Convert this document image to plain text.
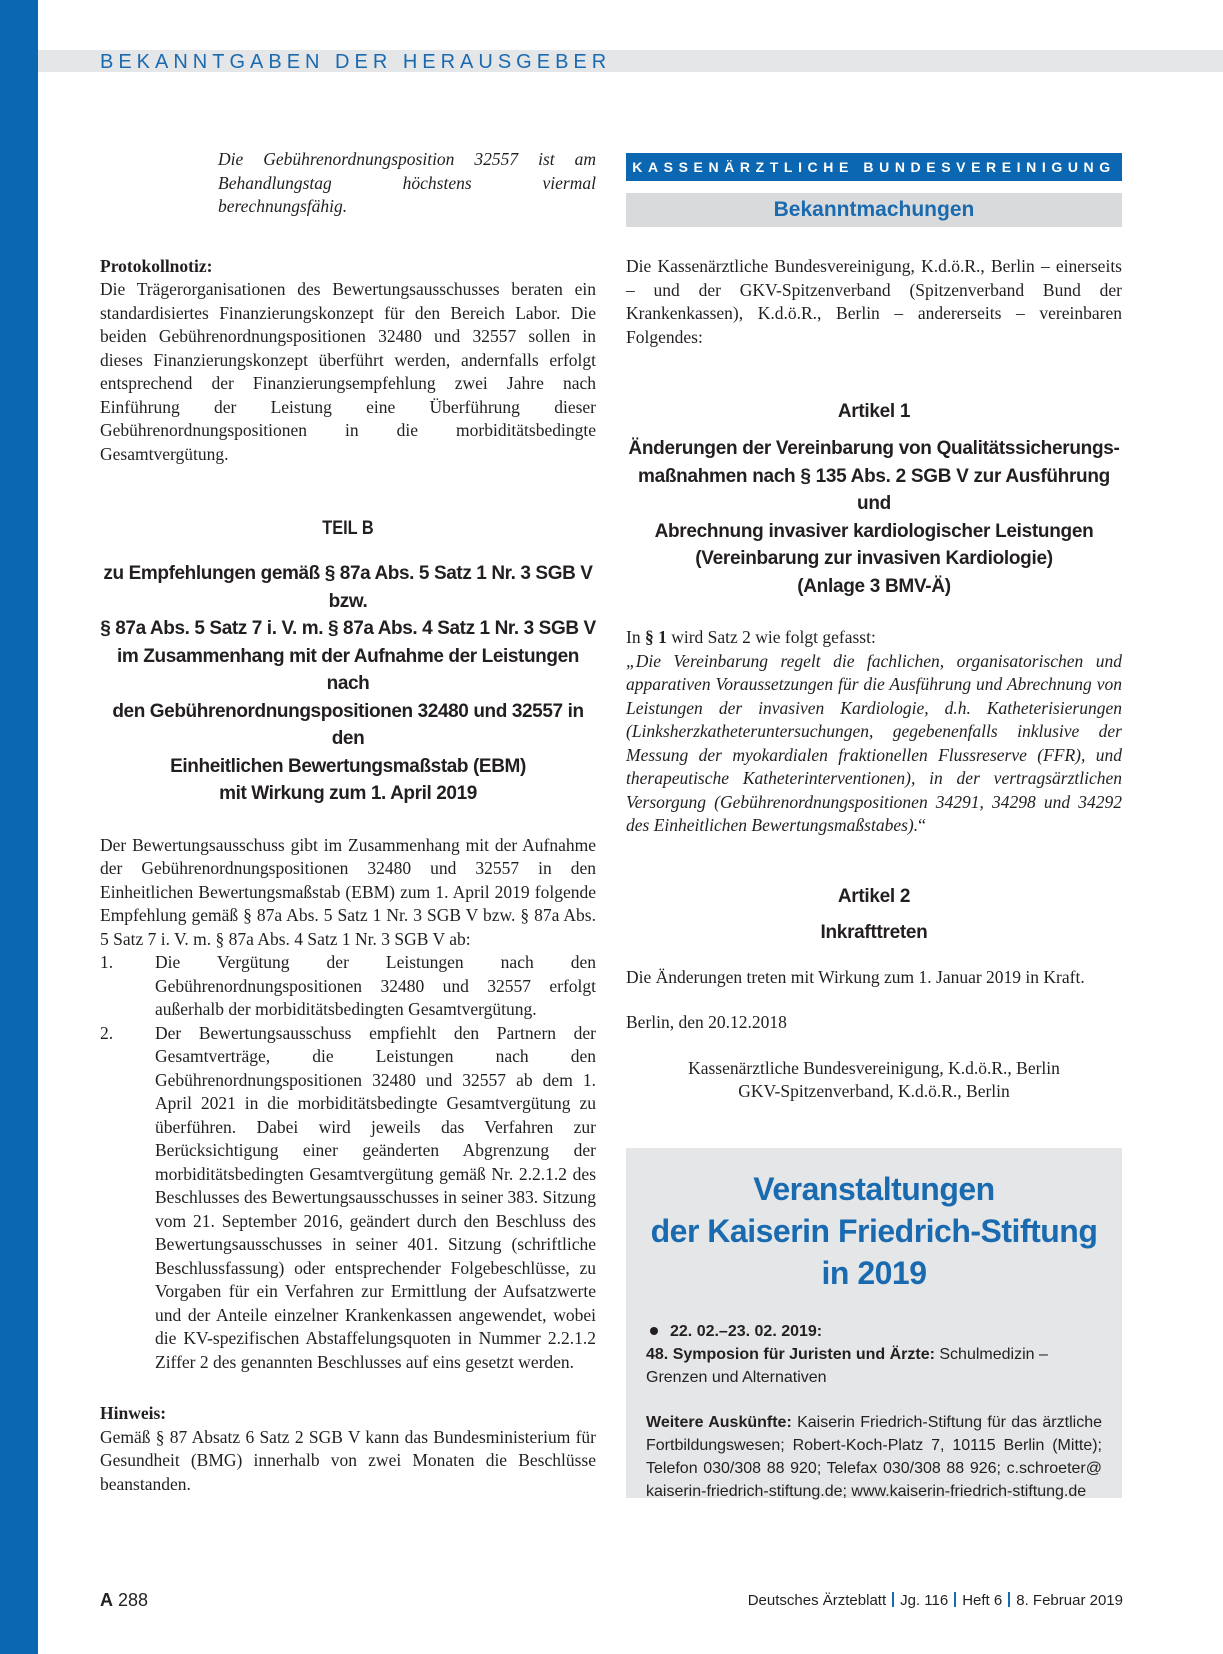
BEKANNTGABEN DER HERAUSGEBER

Die Gebührenordnungsposition 32557 ist am Behandlungstag höchstens viermal berechnungsfähig.

Protokollnotiz:

Die Trägerorganisationen des Bewertungsausschusses beraten ein standardisiertes Finanzierungskonzept für den Bereich Labor. Die beiden Gebührenordnungspositionen 32480 und 32557 sollen in dieses Finanzierungskonzept überführt werden, andernfalls erfolgt entsprechend der Finanzierungsempfehlung zwei Jahre nach Einführung der Leistung eine Überführung dieser Gebührenordnungspositionen in die morbiditätsbedingte Gesamtvergütung.

TEIL B
zu Empfehlungen gemäß § 87a Abs. 5 Satz 1 Nr. 3 SGB V bzw.
§ 87a Abs. 5 Satz 7 i. V. m. § 87a Abs. 4 Satz 1 Nr. 3 SGB V
im Zusammenhang mit der Aufnahme der Leistungen nach
den Gebührenordnungspositionen 32480 und 32557 in den
Einheitlichen Bewertungsmaßstab (EBM)
mit Wirkung zum 1. April 2019

Der Bewertungsausschuss gibt im Zusammenhang mit der Aufnahme der Gebührenordnungspositionen 32480 und 32557 in den Einheitlichen Bewertungsmaßstab (EBM) zum 1. April 2019 folgende Empfehlung gemäß § 87a Abs. 5 Satz 1 Nr. 3 SGB V bzw. § 87a Abs. 5 Satz 7 i. V. m. § 87a Abs. 4 Satz 1 Nr. 3 SGB V ab:

1.	Die Vergütung der Leistungen nach den Gebührenordnungspositionen 32480 und 32557 erfolgt außerhalb der morbiditätsbedingten Gesamtvergütung.
2.	Der Bewertungsausschuss empfiehlt den Partnern der Gesamtverträge, die Leistungen nach den Gebührenordnungspositionen 32480 und 32557 ab dem 1. April 2021 in die morbiditätsbedingte Gesamtvergütung zu überführen. Dabei wird jeweils das Verfahren zur Berücksichtigung einer geänderten Abgrenzung der morbiditätsbedingten Gesamtvergütung gemäß Nr. 2.2.1.2 des Beschlusses des Bewertungsausschusses in seiner 383. Sitzung vom 21. September 2016, geändert durch den Beschluss des Bewertungsausschusses in seiner 401. Sitzung (schriftliche Beschlussfassung) oder entsprechender Folgebeschlüsse, zu Vorgaben für ein Verfahren zur Ermittlung der Aufsatzwerte und der Anteile einzelner Krankenkassen angewendet, wobei die KV-spezifischen Abstaffelungsquoten in Nummer 2.2.1.2 Ziffer 2 des genannten Beschlusses auf eins gesetzt werden.

Hinweis:

Gemäß § 87 Absatz 6 Satz 2 SGB V kann das Bundesministerium für Gesundheit (BMG) innerhalb von zwei Monaten die Beschlüsse beanstanden.

KASSENÄRZTLICHE BUNDESVEREINIGUNG
Bekanntmachungen

Die Kassenärztliche Bundesvereinigung, K.d.ö.R., Berlin – einerseits – und der GKV-Spitzenverband (Spitzenverband Bund der Krankenkassen), K.d.ö.R., Berlin – andererseits – vereinbaren Folgendes:

Artikel 1

Änderungen der Vereinbarung von Qualitätssicherungs-
maßnahmen nach § 135 Abs. 2 SGB V zur Ausführung und
Abrechnung invasiver kardiologischer Leistungen
(Vereinbarung zur invasiven Kardiologie)
(Anlage 3 BMV-Ä)

In § 1 wird Satz 2 wie folgt gefasst:

„Die Vereinbarung regelt die fachlichen, organisatorischen und apparativen Voraussetzungen für die Ausführung und Abrechnung von Leistungen der invasiven Kardiologie, d.h. Katheterisierungen (Linksherzkatheteruntersuchungen, gegebenenfalls inklusive der Messung der myokardialen fraktionellen Flussreserve (FFR), und therapeutische Katheterinterventionen), in der vertragsärztlichen Versorgung (Gebührenordnungspositionen 34291, 34298 und 34292 des Einheitlichen Bewertungsmaßstabes).“

Artikel 2

Inkrafttreten

Die Änderungen treten mit Wirkung zum 1. Januar 2019 in Kraft.

Berlin, den 20.12.2018

Kassenärztliche Bundesvereinigung, K.d.ö.R., Berlin
GKV-Spitzenverband, K.d.ö.R., Berlin
Veranstaltungen
der Kaiserin Friedrich-Stiftung
in 2019

22. 02.–23. 02. 2019:

48. Symposion für Juristen und Ärzte: Schulmedizin – Grenzen und Alternativen

Weitere Auskünfte: Kaiserin Friedrich-Stiftung für das ärztliche Fortbildungswesen; Robert-Koch-Platz 7, 10115 Berlin (Mitte); Telefon 030/308 88 920; Telefax 030/308 88 926; c.schroeter@ kaiserin-friedrich-stiftung.de; www.kaiserin-friedrich-stiftung.de

A 288	Deutsches Ärzteblatt Jg. 116 Heft 6 8. Februar 2019
